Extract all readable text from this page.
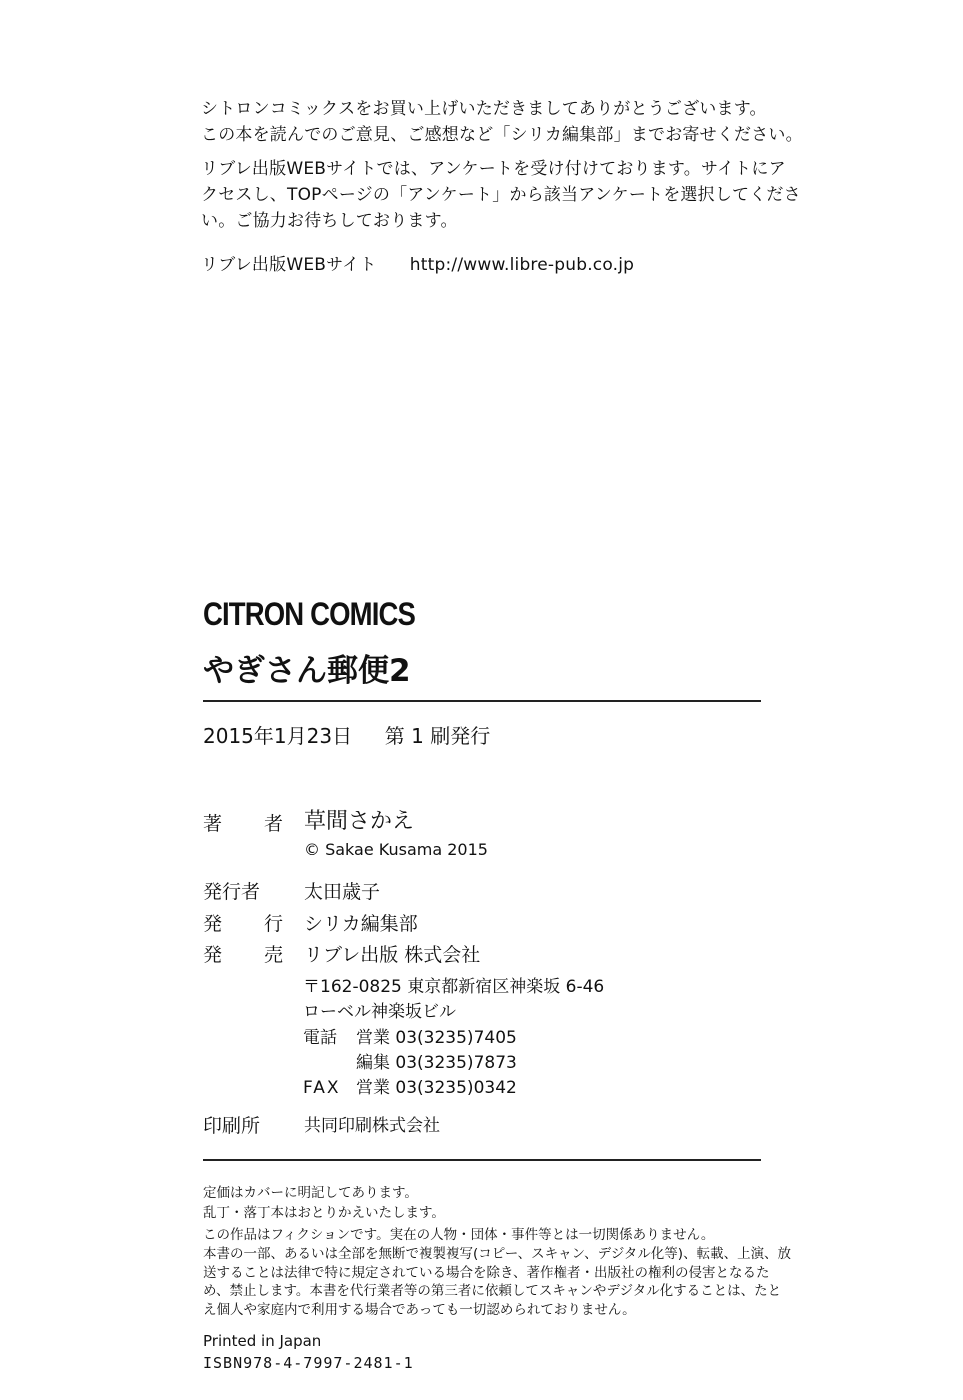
シトロンコミックスをお買い上げいただきましてありがとうございます。
この本を読んでのご意見、ご感想など「シリカ編集部」までお寄せください。
リブレ出版WEBサイトでは、アンケートを受け付けております。サイトにア
クセスし、TOPページの「アンケート」から該当アンケートを選択してくださ
い。ご協力お待ちしております。
リブレ出版WEBサイト http://www.libre-pub.co.jp
CITRON COMICS
やぎさん郵便2
2015年1月23日 第 1 刷発行
著 者 草間さかえ
© Sakae Kusama 2015
発行者	太田歳子
発 行 シリカ編集部
発 売 リブレ出版 株式会社
〒162-0825 東京都新宿区神楽坂 6-46
ローベル神楽坂ビル
電話 営業 03(3235)7405
編集 03(3235)7873
FAX 営業 03(3235)0342
印刷所	共同印刷株式会社
定価はカバーに明記してあります。
乱丁・落丁本はおとりかえいたします。
この作品はフィクションです。実在の人物・団体・事件等とは一切関係ありません。
本書の一部、あるいは全部を無断で複製複写(コピー、スキャン、デジタル化等)、転載、上演、放
送することは法律で特に規定されている場合を除き、著作権者・出版社の権利の侵害となるた
め、禁止します。本書を代行業者等の第三者に依頼してスキャンやデジタル化することは、たと
え個人や家庭内で利用する場合であっても一切認められておりません。
Printed in Japan
ISBN978-4-7997-2481-1
